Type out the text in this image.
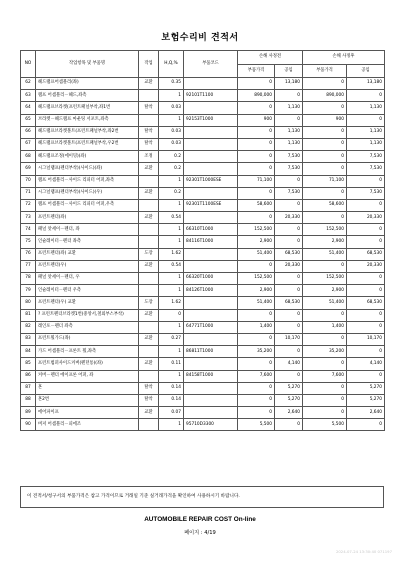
보험수리비 견적서
NO	작업항목 및 부품명	작업	H,Q,%	부품코드	손해 사정전		손해 사정후	
					부품가격	공임	부품가격	공임
62	헤드램프어셈블리(좌)	교환	0.35		0	13,180	0	13,180
63	램프 어셈블리－헤드,좌측		1	92101T1100	890,000	0	890,000	0
64	헤드램프브라켓(프런트패널부착,좌1번	탈착	0.03		0	1,130	0	1,130
65	브라켓－헤드램프 마운팅 서포트,좌측		1	92153T1000	900	0	900	0
66	헤드램프브라켓볼트(프런트패널부착,좌2번	탈착	0.03		0	1,130	0	1,130
67	헤드램프브라켓볼트(프런트패널부착,우2번	탈착	0.03		0	1,130	0	1,130
68	헤드램프조정(에이밍)(좌)	조정	0.2		0	7,530	0	7,530
69	시그널램프(펜더부착)(사이드)(좌)	교환	0.2		0	7,530	0	7,530
70	램프 어셈블리－사이드 리피터 어퍼,좌측		1	92301T1000ESE	71,100	0	71,100	0
71	시그널램프(펜더부착)(사이드)(우)	교환	0.2		0	7,530	0	7,530
72	램프 어셈블리－사이드 리피터 어퍼,우측		1	92301T1100ESE	58,600	0	58,600	0
73	프런트펜더(좌)	교환	0.54		0	20,330	0	20,330
74	패널 앗세이－펜더, 좌		1	66310T1000	152,500	0	152,500	0
75	인슐레이터－펜더 좌측		1	84116T1000	2,900	0	2,900	0
76	프런트펜더(좌) 교환	도장	1.62		51,400	68,530	51,400	68,530
77	프런트펜더(우)	교환	0.54		0	20,330	0	20,330
78	패널 앗세이－펜더, 우		1	66320T1000	152,500	0	152,500	0
79	인슐레이터－펜더 우측		1	84126T1000	2,900	0	2,900	0
80	프런트펜더(우) 교환	도장	1.62		51,400	68,530	51,400	68,530
81	? 프런트펜더브라켓1번(중앙서,철외부스부착)	교환	0		0	0	0	0
82	레인포－펜더 좌측		1	64771T1000	1,400	0	1,400	0
83	프런트휠가드(좌)	교환	0.27		0	10,170	0	10,170
84	가드 어셈블리－프론트 휠,좌측		1	86811T1000	35,200	0	35,200	0
85	프런트범퍼사이드커버(펜던통)(좌)	교환	0.11		0	4,140	0	4,140
86	커버－펜더 에이프론 어퍼, 좌		1	84158T1000	7,600	0	7,600	0
87	혼	탈착	0.14		0	5,270	0	5,270
88	혼2번	탈착	0.14		0	5,270	0	5,270
89	에어파이프	교환	0.07		0	2,640	0	2,640
90	버저 어셈블리－피에조		1	95710D3300	5,500	0	5,500	0
이 견적서/청구서의 부품가격은 참고 가격이므로 거래일 기준 실거래가격을 확인하여 사용하시기 바랍니다.
AUTOMOBILE REPAIR COST On-line
페이지 : 4/19
2024-07-24 13:30:40 071197
